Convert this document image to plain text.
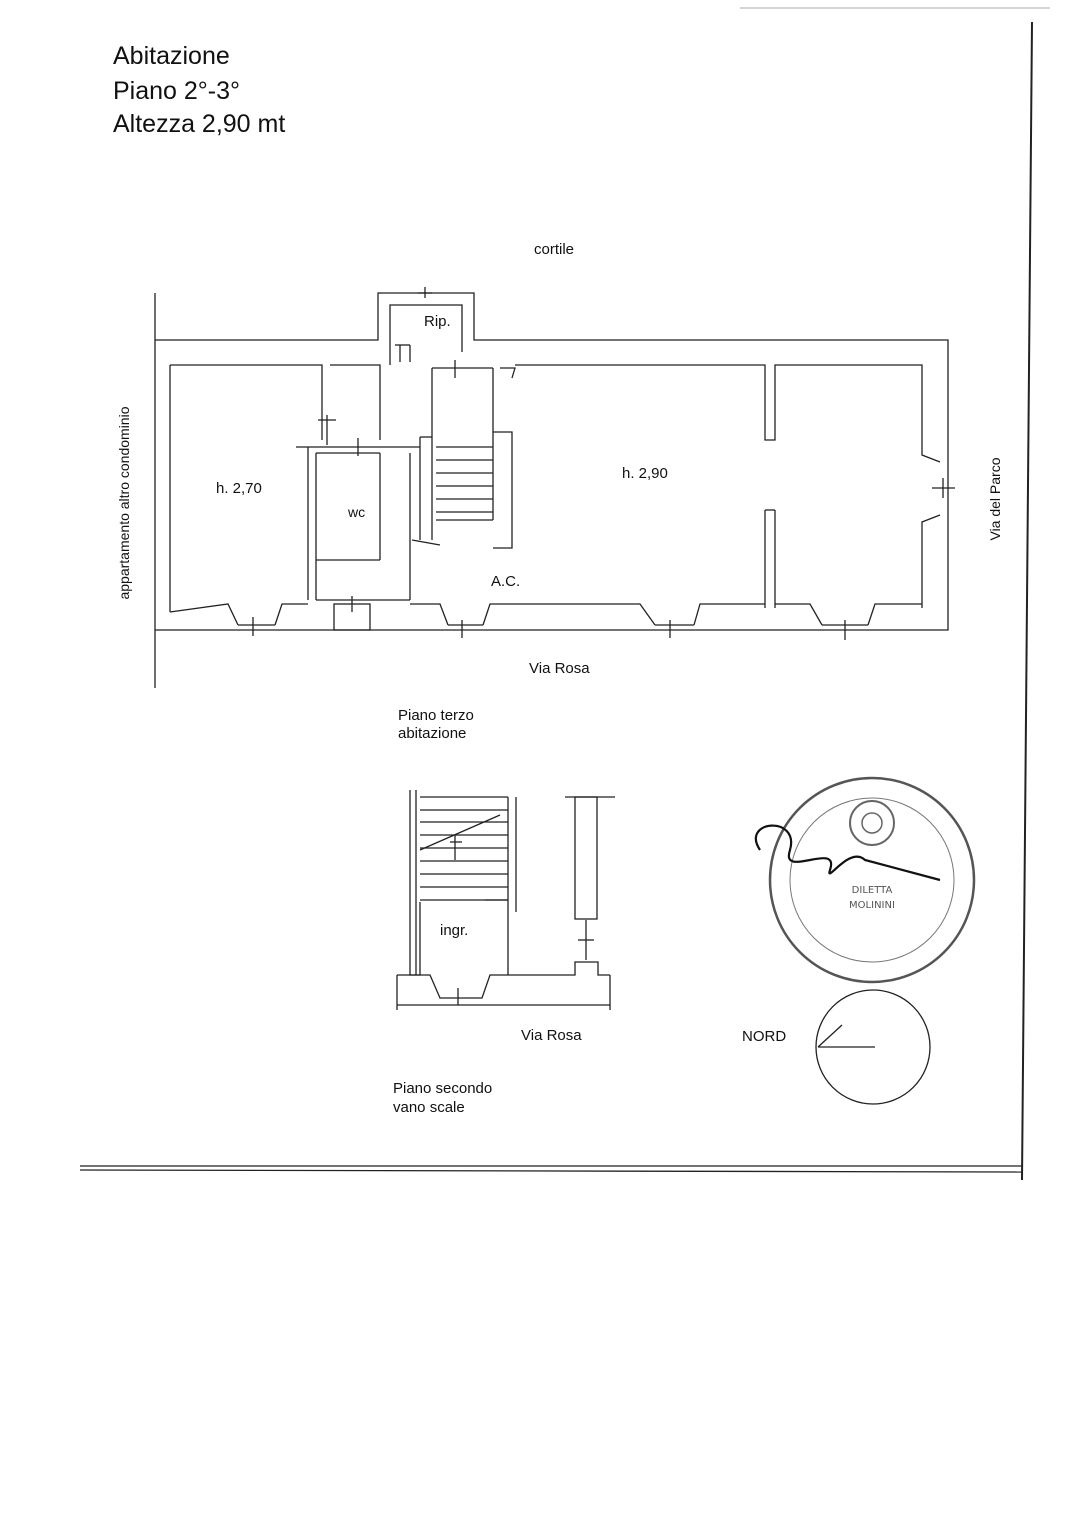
Abitazione
Piano 2°-3°
Altezza 2,90 mt
DILETTA
MOLININI
cortile
Rip.
h. 2,70
wc
h. 2,90
A.C.
Via Rosa
Via del Parco
appartamento altro condominio
Piano terzo
abitazione
ingr.
Via Rosa
Piano secondo
vano scale
NORD
